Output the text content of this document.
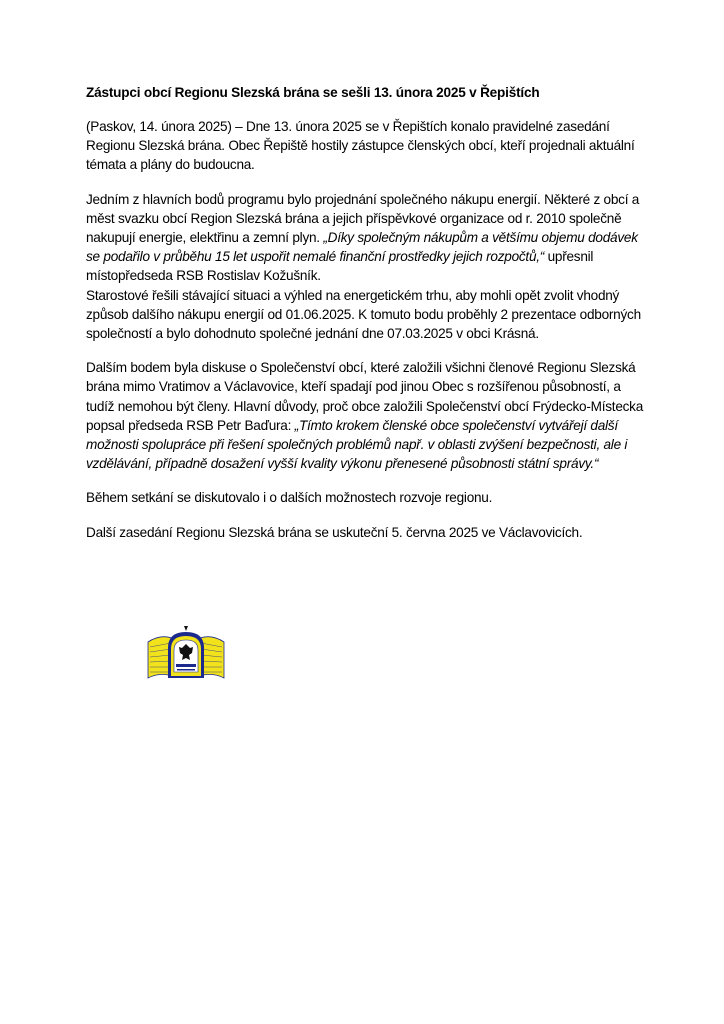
Zástupci obcí Regionu Slezská brána se sešli 13. února 2025 v Řepištích

(Paskov, 14. února 2025) – Dne 13. února 2025 se v Řepištích konalo pravidelné zasedání Regionu Slezská brána. Obec Řepiště hostily zástupce členských obcí, kteří projednali aktuální témata a plány do budoucna.

Jedním z hlavních bodů programu bylo projednání společného nákupu energií. Některé z obcí a měst svazku obcí Region Slezská brána a jejich příspěvkové organizace od r. 2010 společně nakupují energie, elektřinu a zemní plyn. „Díky společným nákupům a většímu objemu dodávek se podařilo v průběhu 15 let uspořit nemalé finanční prostředky jejich rozpočtů,“ upřesnil místopředseda RSB Rostislav Kožušník.

Starostové řešili stávající situaci a výhled na energetickém trhu, aby mohli opět zvolit vhodný způsob dalšího nákupu energií od 01.06.2025. K tomuto bodu proběhly 2 prezentace odborných společností a bylo dohodnuto společné jednání dne 07.03.2025 v obci Krásná.

Dalším bodem byla diskuse o Společenství obcí, které založili všichni členové Regionu Slezská brána mimo Vratimov a Václavovice, kteří spadají pod jinou Obec s rozšířenou působností, a tudíž nemohou být členy. Hlavní důvody, proč obce založili Společenství obcí Frýdecko-Místecka popsal předseda RSB Petr Baďura: „Tímto krokem členské obce společenství vytvářejí další možnosti spolupráce při řešení společných problémů např. v oblasti zvýšení bezpečnosti, ale i vzdělávání, případně dosažení vyšší kvality výkonu přenesené působnosti státní správy.“

Během setkání se diskutovalo i o dalších možnostech rozvoje regionu.

Další zasedání Regionu Slezská brána se uskuteční 5. června 2025 ve Václavovicích.
